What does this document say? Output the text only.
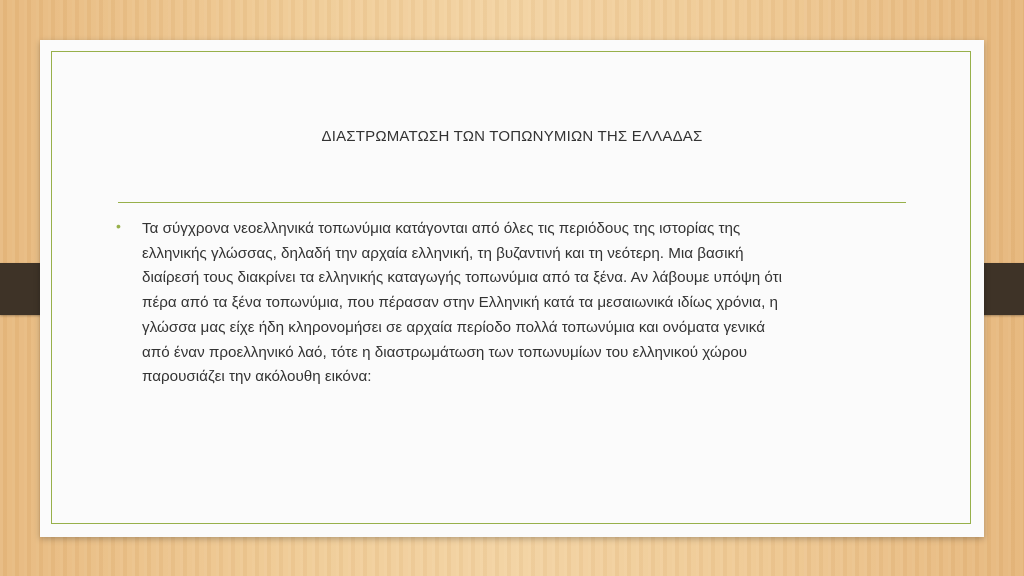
ΔΙΑΣΤΡΩΜΑΤΩΣΗ ΤΩΝ ΤΟΠΩΝΥΜΙΩΝ ΤΗΣ ΕΛΛΑΔΑΣ
• Τα σύγχρονα νεοελληνικά τοπωνύμια κατάγονται από όλες τις περιόδους της ιστορίας της
ελληνικής γλώσσας, δηλαδή την αρχαία ελληνική, τη βυζαντινή και τη νεότερη. Μια βασική
διαίρεσή τους διακρίνει τα ελληνικής καταγωγής τοπωνύμια από τα ξένα. Αν λάβουμε υπόψη ότι
πέρα από τα ξένα τοπωνύμια, που πέρασαν στην Ελληνική κατά τα μεσαιωνικά ιδίως χρόνια, η
γλώσσα μας είχε ήδη κληρονομήσει σε αρχαία περίοδο πολλά τοπωνύμια και ονόματα γενικά
από έναν προελληνικό λαό, τότε η διαστρωμάτωση των τοπωνυμίων του ελληνικού χώρου
παρουσιάζει την ακόλουθη εικόνα:
